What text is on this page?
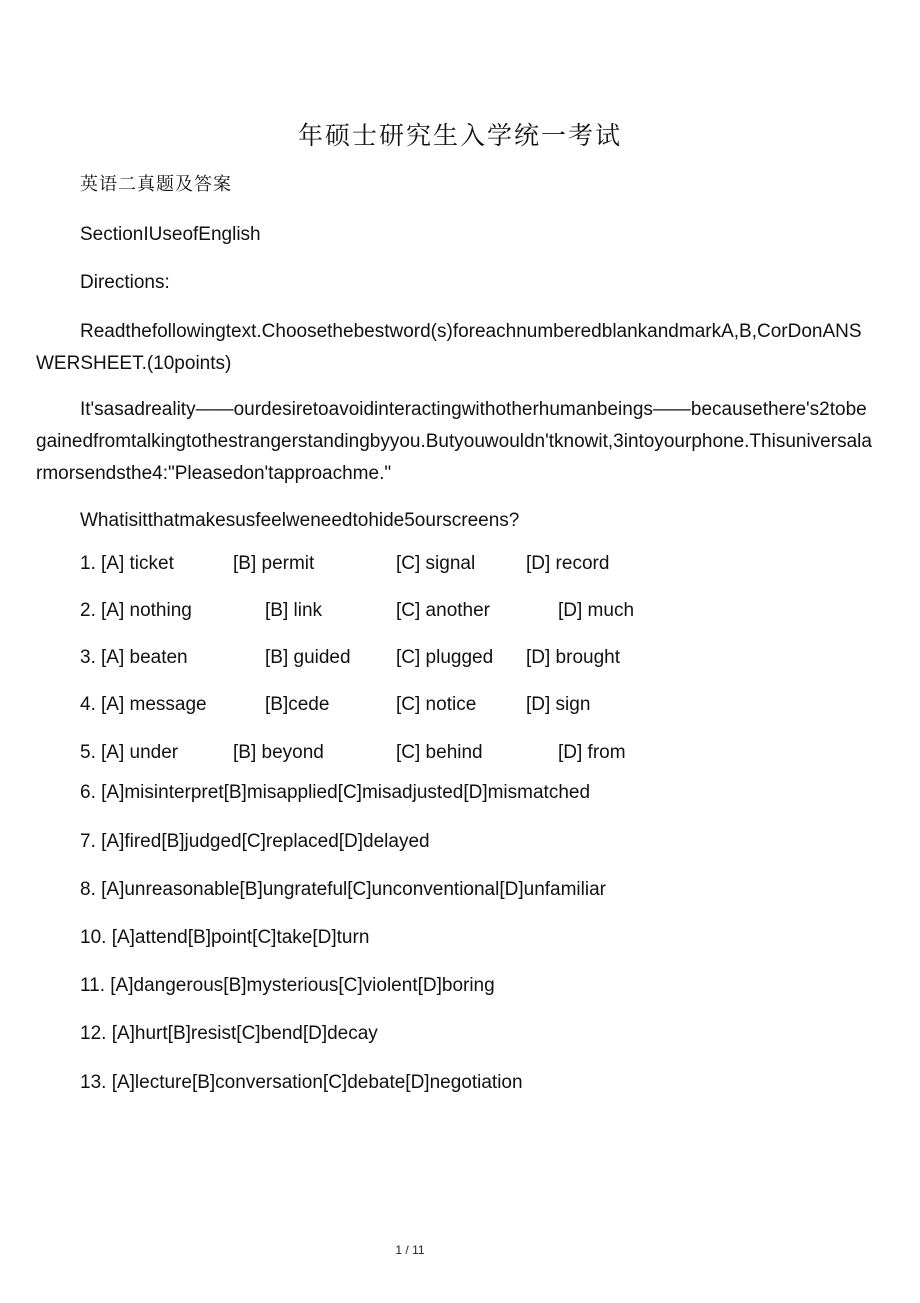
年硕士研究生入学统一考试
英语二真题及答案
SectionIUseofEnglish
Directions:
Readthefollowingtext.Choosethebestword(s)foreachnumberedblankandmarkA,B,CorDonANSWERSHEET.(10points)
It'sasadreality——ourdesiretoavoidinteractingwithotherhumanbeings——becausethere's2tobegainedfromtalkingtothestrangerstandingbyyou.Butyouwouldn'tknowit,3intoyourphone.Thisuniversalarmorsendsthe4:"Pleasedon'tapproachme."
Whatisitthatmakesusfeelweneedtohide5ourscreens?
1. [A] ticket	[B] permit	[C] signal	[D] record
2. [A] nothing	[B] link	[C] another	[D] much
3. [A] beaten	[B] guided [C] plugged [D] brought
4. [A] message	[B]cede	[C] notice	[D] sign
5. [A] under	[B] beyond	[C] behind	[D] from
6. [A]misinterpret[B]misapplied[C]misadjusted[D]mismatched
7. [A]fired[B]judged[C]replaced[D]delayed
8. [A]unreasonable[B]ungrateful[C]unconventional[D]unfamiliar
10. [A]attend[B]point[C]take[D]turn
11. [A]dangerous[B]mysterious[C]violent[D]boring
12. [A]hurt[B]resist[C]bend[D]decay
13. [A]lecture[B]conversation[C]debate[D]negotiation
1 / 11
